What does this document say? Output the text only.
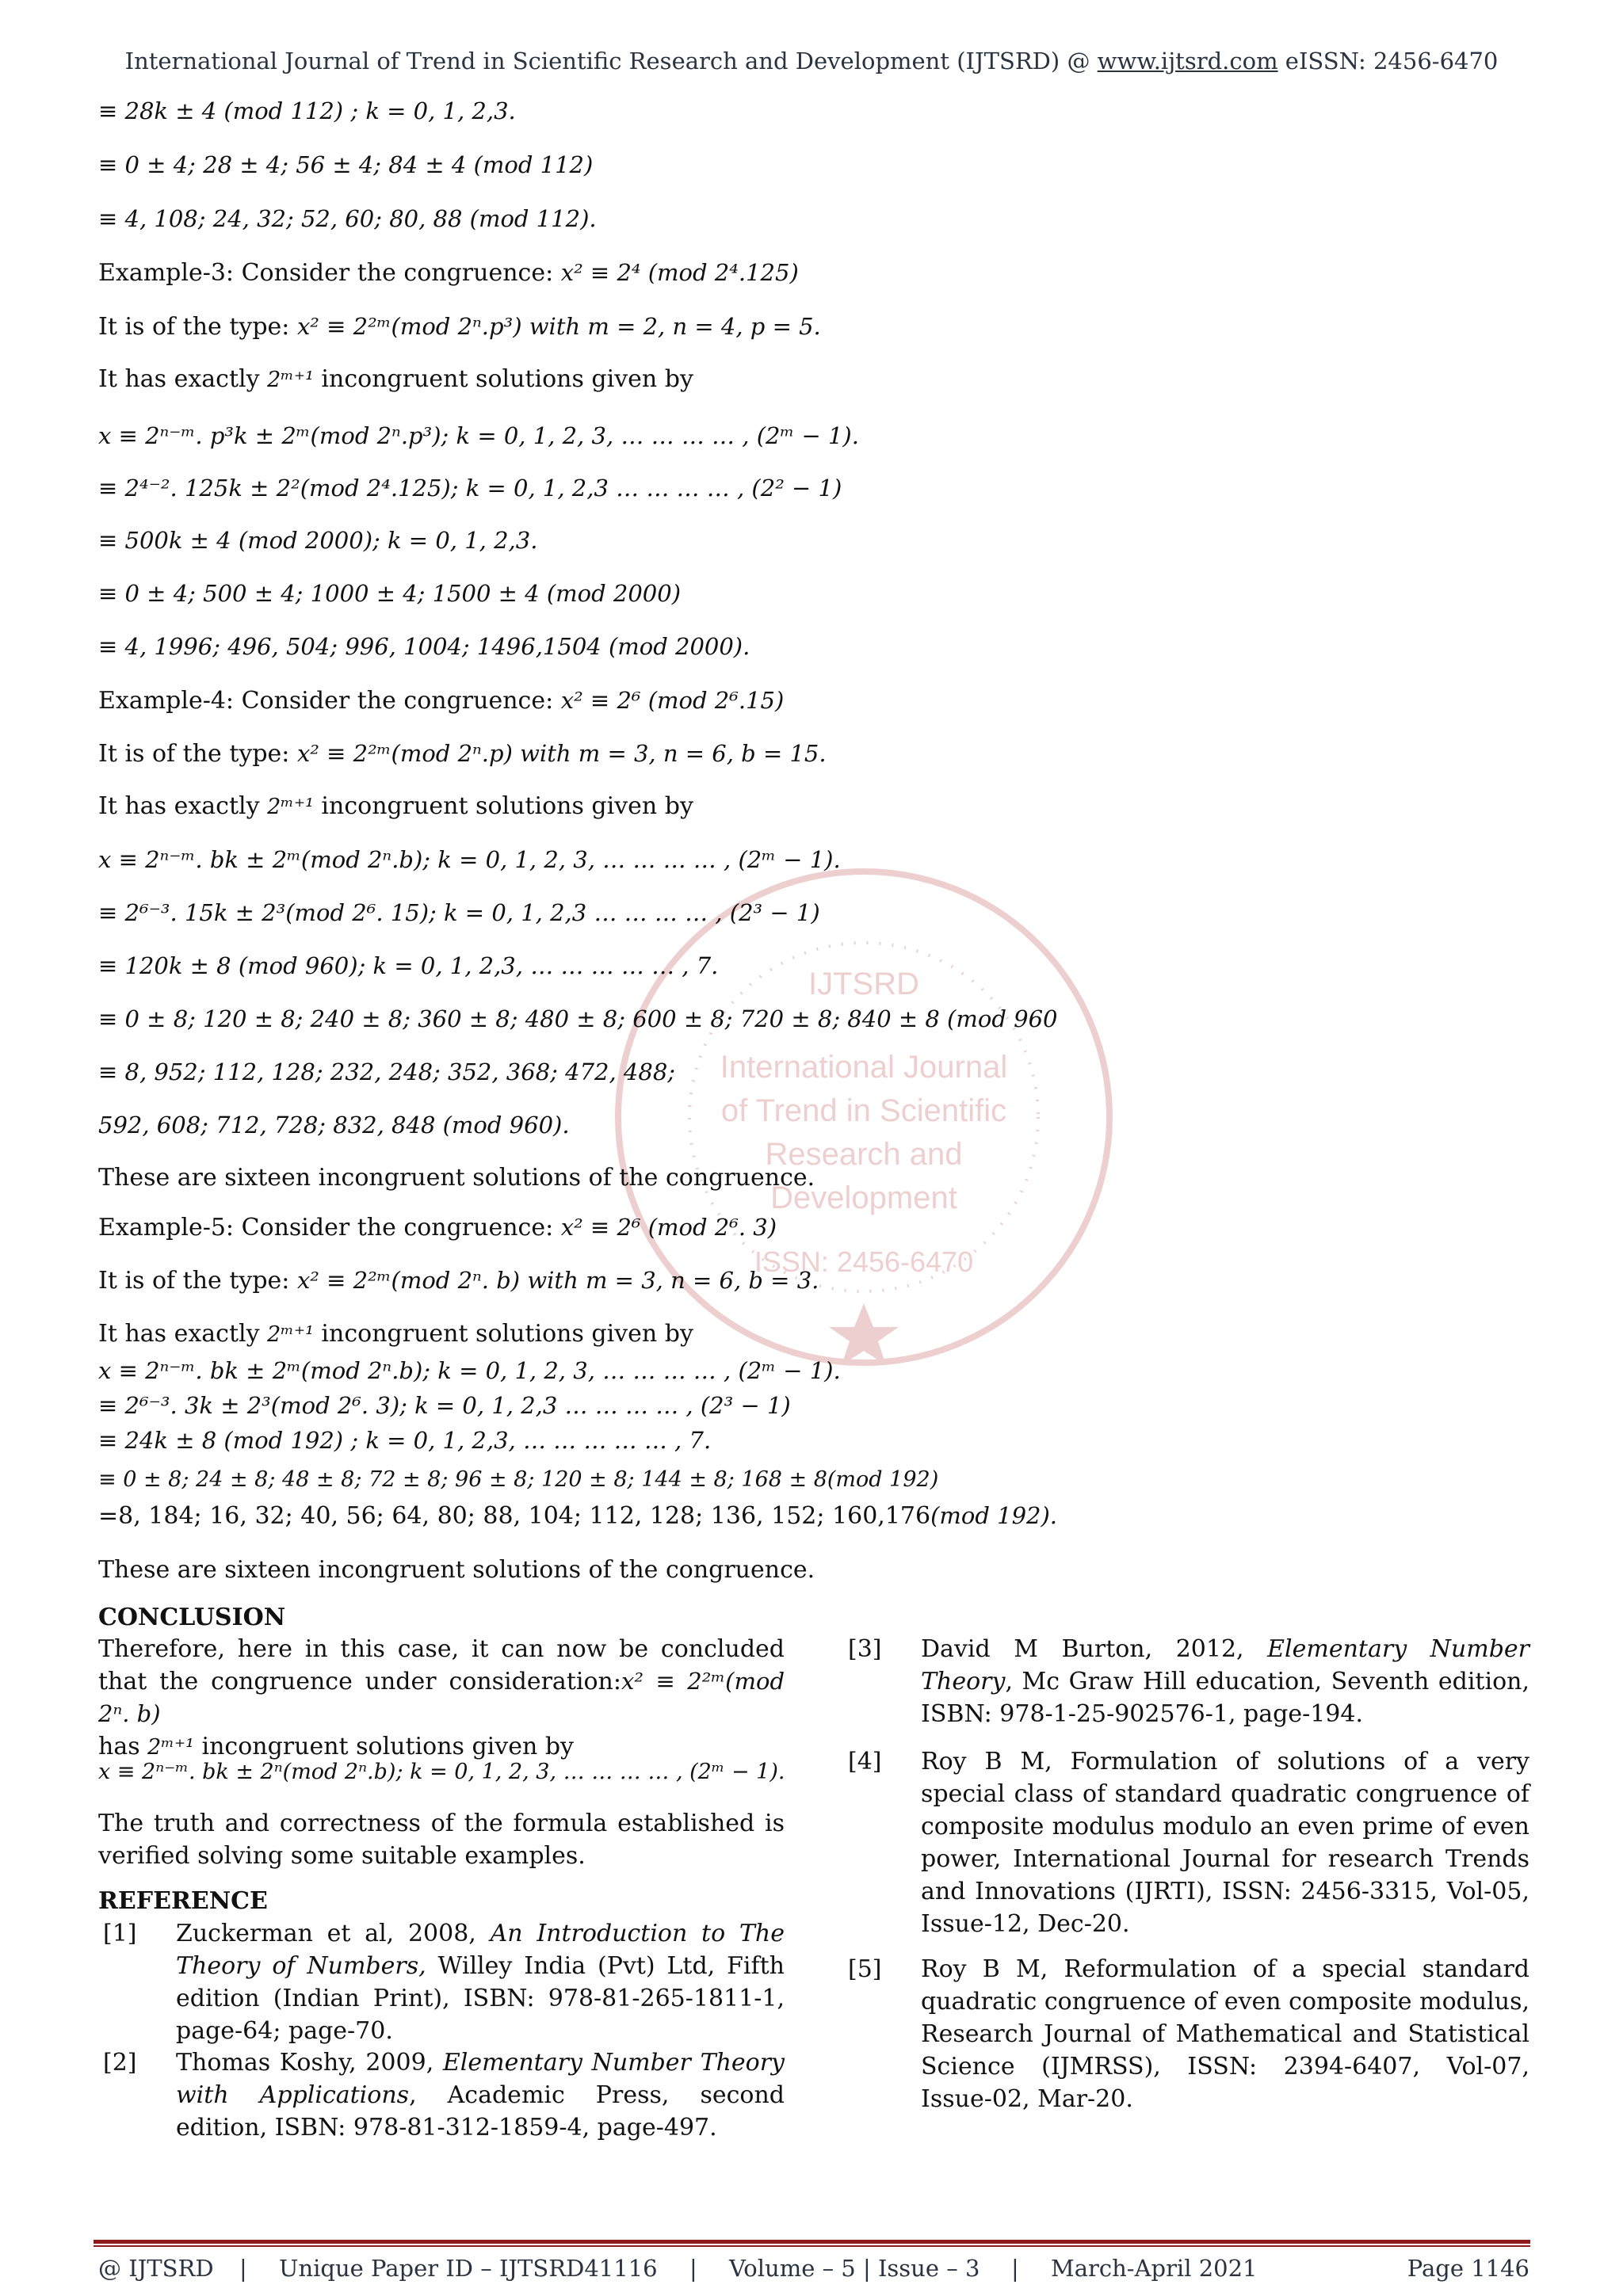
International Journal of Trend in Scientific Research and Development (IJTSRD) @ www.ijtsrd.com eISSN: 2456-6470
IJTSRD
International Journal
of Trend in Scientific
Research and
Development
ISSN: 2456-6470
≡ 28k ± 4 (mod 112) ; k = 0, 1, 2,3.
≡ 0 ± 4; 28 ± 4; 56 ± 4; 84 ± 4 (mod 112)
≡ 4, 108; 24, 32; 52, 60; 80, 88 (mod 112).
Example-3: Consider the congruence: x² ≡ 2⁴ (mod 2⁴.125)
It is of the type: x² ≡ 2²ᵐ(mod 2ⁿ.p³) with m = 2, n = 4, p = 5.
It has exactly 2ᵐ⁺¹ incongruent solutions given by
x ≡ 2ⁿ⁻ᵐ. p³k ± 2ᵐ(mod 2ⁿ.p³); k = 0, 1, 2, 3, … … … … , (2ᵐ − 1).
≡ 2⁴⁻². 125k ± 2²(mod 2⁴.125); k = 0, 1, 2,3 … … … … , (2² − 1)
≡ 500k ± 4 (mod 2000); k = 0, 1, 2,3.
≡ 0 ± 4; 500 ± 4; 1000 ± 4; 1500 ± 4 (mod 2000)
≡ 4, 1996; 496, 504; 996, 1004; 1496,1504 (mod 2000).
Example-4: Consider the congruence: x² ≡ 2⁶ (mod 2⁶.15)
It is of the type: x² ≡ 2²ᵐ(mod 2ⁿ.p) with m = 3, n = 6, b = 15.
It has exactly 2ᵐ⁺¹ incongruent solutions given by
x ≡ 2ⁿ⁻ᵐ. bk ± 2ᵐ(mod 2ⁿ.b); k = 0, 1, 2, 3, … … … … , (2ᵐ − 1).
≡ 2⁶⁻³. 15k ± 2³(mod 2⁶. 15); k = 0, 1, 2,3 … … … … , (2³ − 1)
≡ 120k ± 8 (mod 960); k = 0, 1, 2,3, … … … … … , 7.
≡ 0 ± 8; 120 ± 8; 240 ± 8; 360 ± 8; 480 ± 8; 600 ± 8; 720 ± 8; 840 ± 8 (mod 960
≡ 8, 952; 112, 128; 232, 248; 352, 368; 472, 488;
592, 608; 712, 728; 832, 848 (mod 960).
These are sixteen incongruent solutions of the congruence.
Example-5: Consider the congruence: x² ≡ 2⁶ (mod 2⁶. 3)
It is of the type: x² ≡ 2²ᵐ(mod 2ⁿ. b) with m = 3, n = 6, b = 3.
It has exactly 2ᵐ⁺¹ incongruent solutions given by
x ≡ 2ⁿ⁻ᵐ. bk ± 2ᵐ(mod 2ⁿ.b); k = 0, 1, 2, 3, … … … … , (2ᵐ − 1).
≡ 2⁶⁻³. 3k ± 2³(mod 2⁶. 3); k = 0, 1, 2,3 … … … … , (2³ − 1)
≡ 24k ± 8 (mod 192) ; k = 0, 1, 2,3, … … … … … , 7.
≡ 0 ± 8; 24 ± 8; 48 ± 8; 72 ± 8; 96 ± 8; 120 ± 8; 144 ± 8; 168 ± 8(mod 192)
=8, 184; 16, 32; 40, 56; 64, 80; 88, 104; 112, 128; 136, 152; 160,176(mod 192).
These are sixteen incongruent solutions of the congruence.
CONCLUSION
Therefore, here in this case, it can now be concluded that the congruence under consideration:x² ≡ 2²ᵐ(mod 2ⁿ. b)
has 2ᵐ⁺¹ incongruent solutions given by
x ≡ 2ⁿ⁻ᵐ. bk ± 2ⁿ(mod 2ⁿ.b); k = 0, 1, 2, 3, … … … … , (2ᵐ − 1).
The truth and correctness of the formula established is verified solving some suitable examples.
REFERENCE
[1] Zuckerman et al, 2008, An Introduction to The Theory of Numbers, Willey India (Pvt) Ltd, Fifth edition (Indian Print), ISBN: 978-81-265-1811-1, page-64; page-70.
[2] Thomas Koshy, 2009, Elementary Number Theory with Applications, Academic Press, second edition, ISBN: 978-81-312-1859-4, page-497.
[3] David M Burton, 2012, Elementary Number Theory, Mc Graw Hill education, Seventh edition, ISBN: 978-1-25-902576-1, page-194.
[4] Roy B M, Formulation of solutions of a very special class of standard quadratic congruence of composite modulus modulo an even prime of even power, International Journal for research Trends and Innovations (IJRTI), ISSN: 2456-3315, Vol-05, Issue-12, Dec-20.
[5] Roy B M, Reformulation of a special standard quadratic congruence of even composite modulus, Research Journal of Mathematical and Statistical Science (IJMRSS), ISSN: 2394-6407, Vol-07, Issue-02, Mar-20.
@ IJTSRD | Unique Paper ID – IJTSRD41116 | Volume – 5 | Issue – 3 | March-April 2021	Page 1146
